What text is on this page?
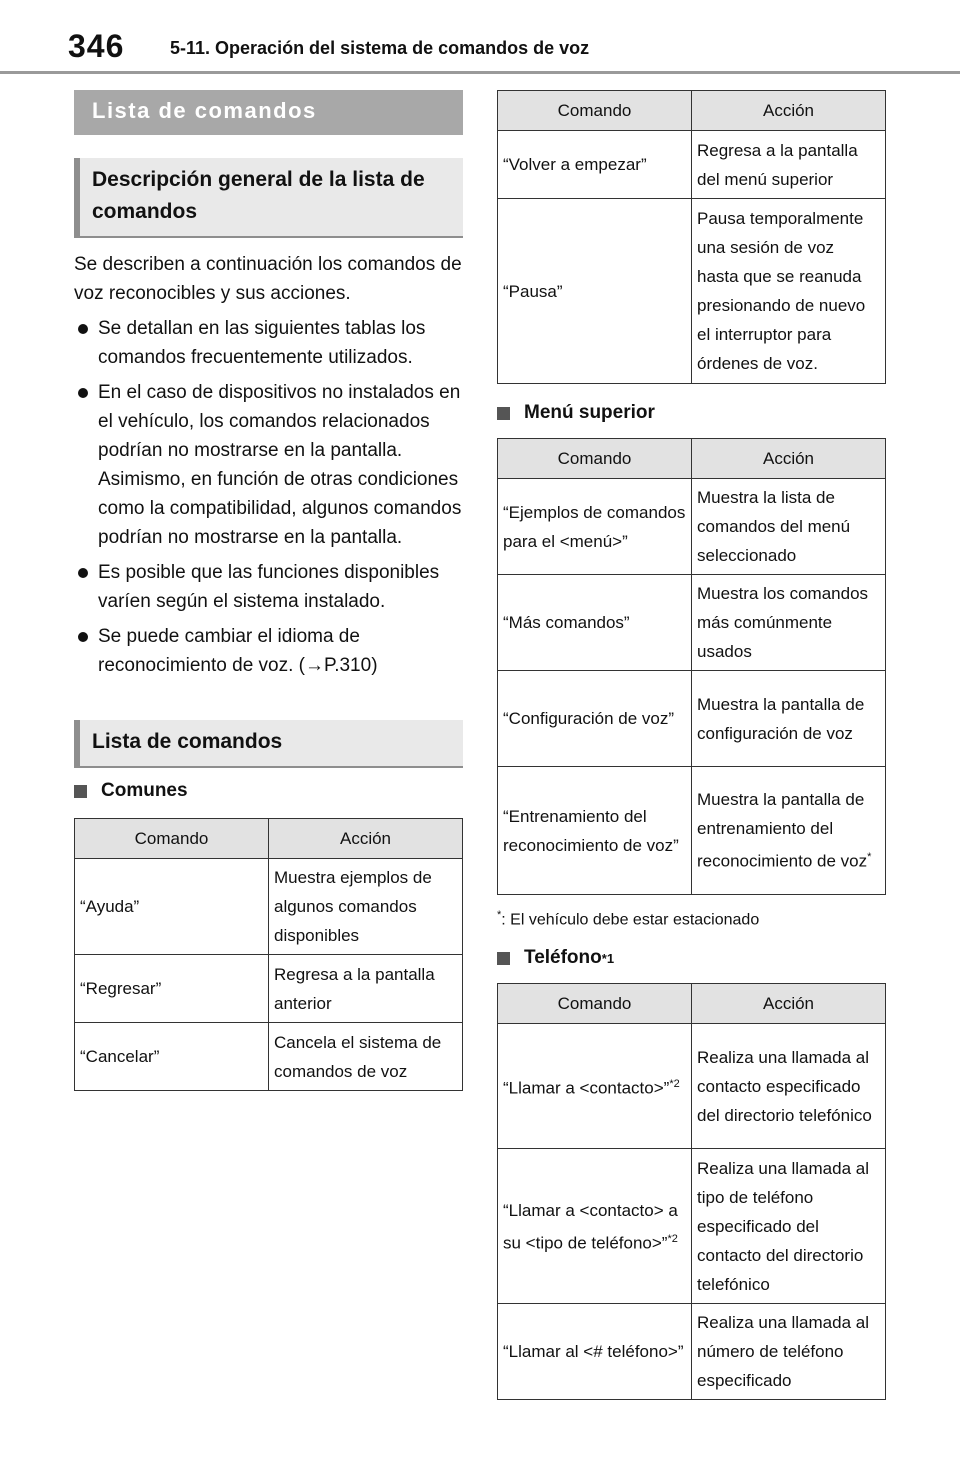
346	5-11. Operación del sistema de comandos de voz
Lista de comandos
Descripción general de la lista de comandos
Se describen a continuación los comandos de voz reconocibles y sus acciones.
Se detallan en las siguientes tablas los comandos frecuentemente utilizados.
En el caso de dispositivos no instalados en el vehículo, los comandos relacionados podrían no mostrarse en la pantalla. Asimismo, en función de otras condiciones como la compatibilidad, algunos comandos podrían no mostrarse en la pantalla.
Es posible que las funciones disponibles varíen según el sistema instalado.
Se puede cambiar el idioma de reconocimiento de voz. (→P.310)
Lista de comandos
Comunes
Comando	Acción
“Ayuda”	Muestra ejemplos de algunos comandos disponibles
“Regresar”	Regresa a la pantalla anterior
“Cancelar”	Cancela el sistema de comandos de voz
Comando	Acción
“Volver a empezar”	Regresa a la pantalla del menú superior
“Pausa”	Pausa temporalmente una sesión de voz hasta que se reanuda presionando de nuevo el interruptor para órdenes de voz.
Menú superior
Comando	Acción
“Ejemplos de comandos para el <menú>”	Muestra la lista de comandos del menú seleccionado
“Más comandos”	Muestra los comandos más comúnmente usados
“Configuración de voz”	Muestra la pantalla de configuración de voz
“Entrenamiento del reconocimiento de voz”	Muestra la pantalla de entrenamiento del reconocimiento de voz*
*: El vehículo debe estar estacionado
Teléfono *1
Comando	Acción
“Llamar a <contacto>”$^{*2}$	Realiza una llamada al contacto especificado del directorio telefónico
“Llamar a <contacto> a su <tipo de teléfono>”$^{*2}$	Realiza una llamada al tipo de teléfono especificado del contacto del directorio telefónico
“Llamar al <# teléfono>”	Realiza una llamada al número de teléfono especificado
